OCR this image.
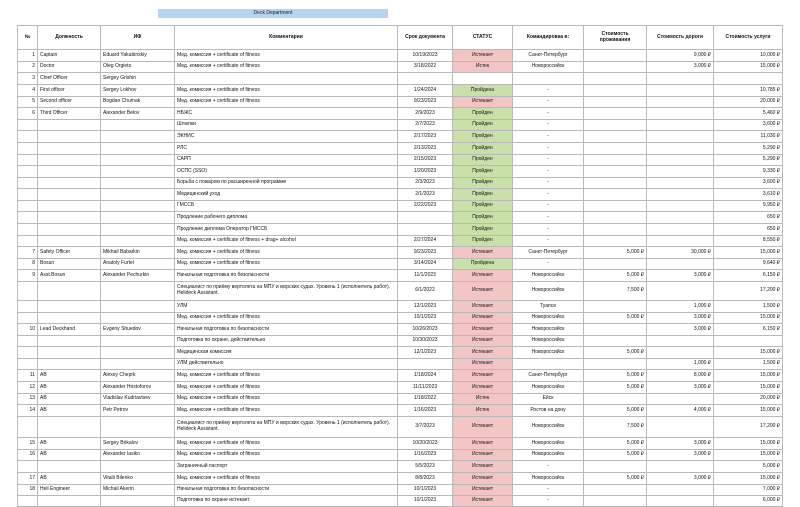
Deck Department
№	Должность	ИФ	Комментарии	Срок документа	СТАТУС	Командировка в:	Стоимость проживания	Стоимость дороги	Стоимость услуги
1	Captain	Eduard Yakubinskiy	Мед. комиссия + certificate of fitness	10/19/2023	Истекает	Санкт-Петербург		9,000 ₽	10,000 ₽
2	Doctor	Oleg Orgiets	Мед. комиссия + certificate of fitness	3/18/2022	Истек	Новороссийск		3,000 ₽	15,000 ₽
3	Chief Officer	Sergey Grishin							
4	First officer	Sergey Lokhov	Мед. комиссия + certificate of fitness	1/24/2024	Пройдена	-			10,785 ₽
5	Second officer	Bogdan Chumak	Мед. комиссия + certificate of fitness	9/23/2023	Истекает	-			20,000 ₽
6	Third Officer	Alexander Belov	НБЖС	2/9/2023	Пройден	-			5,460 ₽
			Шлюпки	2/7/2023	Пройден	-			3,600 ₽
			ЭКНИС	2/17/2023	Пройден	-			11,030 ₽
			РЛС	2/13/2023	Пройден	-			5,290 ₽
			САРП	2/15/2023	Пройден	-			5,290 ₽
			ОСПС (SSO)	1/20/2023	Пройден	-			9,330 ₽
			Борьба с пожаром по расширенной программе	2/3/2023	Пройден	-			3,600 ₽
			Медицинский уход	2/1/2023	Пройден	-			3,610 ₽
			ГМССБ	2/22/2023	Пройден	-			9,950 ₽
			Продление рабочего диплома		Пройден	-			650 ₽
			Продление диплома Оператор ГМССБ		Пройден	-			650 ₽
			Мед. комиссия + certificate of fitness + drag+ alcohol	2/27/2024	Пройден	-			8,550 ₽
7	Safety Officer	Mikhail Babarkin	Мед. комиссия + certificate of fitness	9/23/2023	Истекает	Санкт-Петербург	5,000 ₽	30,000 ₽	15,000 ₽
8	Bosun	Anatoly Furtel	Мед. комиссия + certificate of fitness	3/14/2024	Пройдена	-			9,640 ₽
9	Asst.Bosun	Alexander Pechurkin	Начальная подготовка по безопасности	11/1/2023	Истекает	Новороссийск	5,000 ₽	3,000 ₽	6,150 ₽
			Специалист по приёму вертолета на МПУ и морских судах. Уровень 1 (исполнитель работ). Helideck Assistant.	6/1/2022	Истекает	Новороссийск	7,500 ₽		17,200 ₽
			УЛМ	12/1/2023	Истекает	Туапсе		1,000 ₽	1,500 ₽
			Мед. комиссия + certificate of fitness	10/1/2023	Истекает	Новороссийск	5,000 ₽	3,000 ₽	15,000 ₽
10	Lead Deckhand	Evgeny Shuedov	Начальная подготовка по безопасности	10/26/2023	Истекает	Новороссийск		3,000 ₽	6,150 ₽
			Подготовка по охране, действительно	10/30/2023	Истекает	Новороссийск			
			Медицинская комиссия	12/1/2023	Истекает	Новороссийск	5,000 ₽		15,000 ₽
			УЛМ действительно		Истекает			1,000 ₽	1,500 ₽
11	AB	Alexey Cheprk	Мед. комиссия + certificate of fitness	1/18/2024	Истекает	Санкт-Петербург	5,000 ₽	8,000 ₽	15,000 ₽
12	AB	Alexander Hristoforov	Мед. комиссия + certificate of fitness	11/11/2023	Истекает	Новороссийск	5,000 ₽	3,000 ₽	15,000 ₽
13	AB	Vladislav Kudriavtsev	Мед. комиссия + certificate of fitness	1/18/2022	Истек	Ейск			20,000 ₽
14	AB	Petr Petrov	Мед. комиссия + certificate of fitness	1/16/2023	Истек	Ростов на дону	5,000 ₽	4,000 ₽	15,000 ₽
			Специалист по приёму вертолета на МПУ и морских судах. Уровень 1 (исполнитель работ). Helideck Assistant.	3/7/2023	Истекает	Новороссийск	7,500 ₽		17,200 ₽
15	AB	Sergey Brikalov	Мед. комиссия + certificate of fitness	10/20/2023	Истекает	Новороссийск	5,000 ₽	3,000 ₽	15,000 ₽
16	AB	Alexander Iasiko	Мед. комиссия + certificate of fitness	1/16/2023	Истекает	Новороссийск	5,000 ₽	3,000 ₽	15,000 ₽
			Заграничный паспорт	5/5/2023	Истекает	-			5,000 ₽
17	AB	Vitalii Bilenko	Мед. комиссия + certificate of fitness	8/8/2023	Истекает	Новороссийск	5,000 ₽	3,000 ₽	15,000 ₽
18	Heli Engineer	Michail Akerin	Начальная подготовка по безопасности	10/1/2023	Истекает	-			7,000 ₽
			Подготовка по охране истекает	10/1/2023	Истекает	-			6,000 ₽
